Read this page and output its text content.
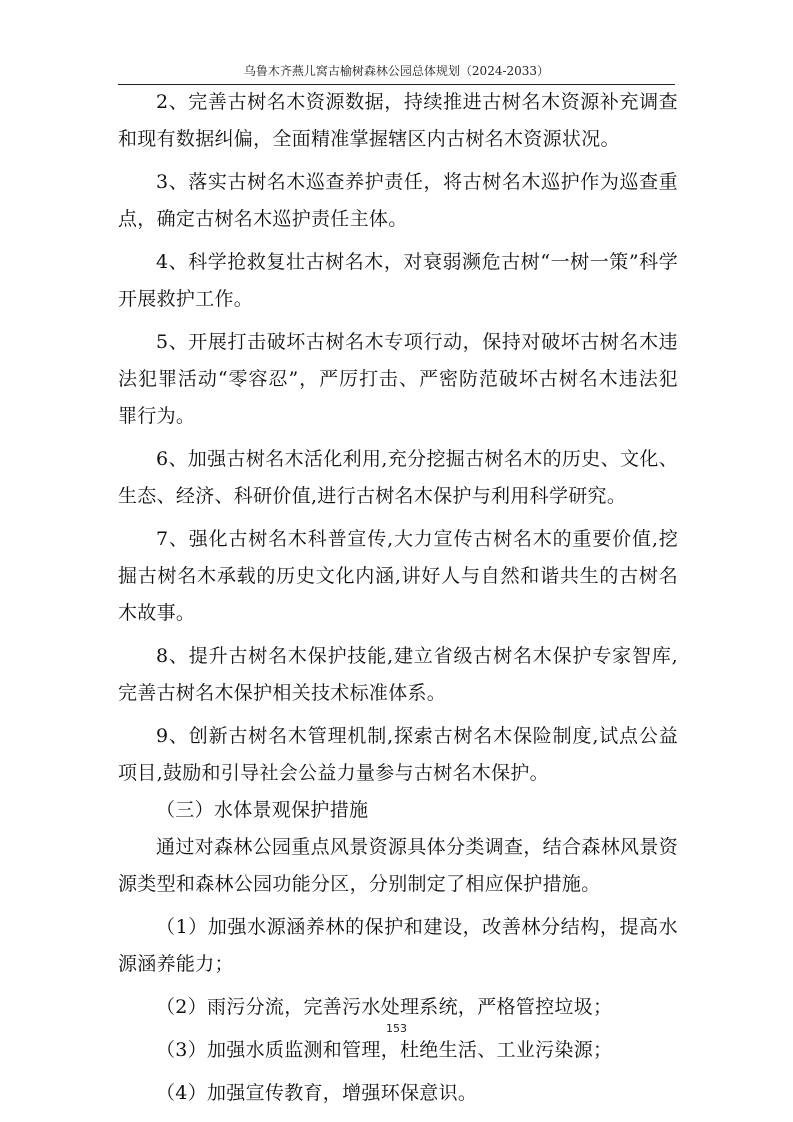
乌鲁木齐燕儿窝古榆树森林公园总体规划（2024-2033）

2、完善古树名木资源数据，持续推进古树名木资源补充调查和现有数据纠偏，全面精准掌握辖区内古树名木资源状况。

3、落实古树名木巡查养护责任，将古树名木巡护作为巡查重点，确定古树名木巡护责任主体。

4、科学抢救复壮古树名木，对衰弱濒危古树“一树一策”科学开展救护工作。

5、开展打击破坏古树名木专项行动，保持对破坏古树名木违法犯罪活动“零容忍”，严厉打击、严密防范破坏古树名木违法犯罪行为。

6、加强古树名木活化利用,充分挖掘古树名木的历史、文化、生态、经济、科研价值,进行古树名木保护与利用科学研究。

7、强化古树名木科普宣传,大力宣传古树名木的重要价值,挖掘古树名木承载的历史文化内涵,讲好人与自然和谐共生的古树名木故事。

8、提升古树名木保护技能,建立省级古树名木保护专家智库,完善古树名木保护相关技术标准体系。

9、创新古树名木管理机制,探索古树名木保险制度,试点公益项目,鼓励和引导社会公益力量参与古树名木保护。

（三）水体景观保护措施

通过对森林公园重点风景资源具体分类调查，结合森林风景资源类型和森林公园功能分区，分别制定了相应保护措施。

（1）加强水源涵养林的保护和建设，改善林分结构，提高水源涵养能力；

（2）雨污分流，完善污水处理系统，严格管控垃圾；

（3）加强水质监测和管理，杜绝生活、工业污染源；

（4）加强宣传教育，增强环保意识。

153
